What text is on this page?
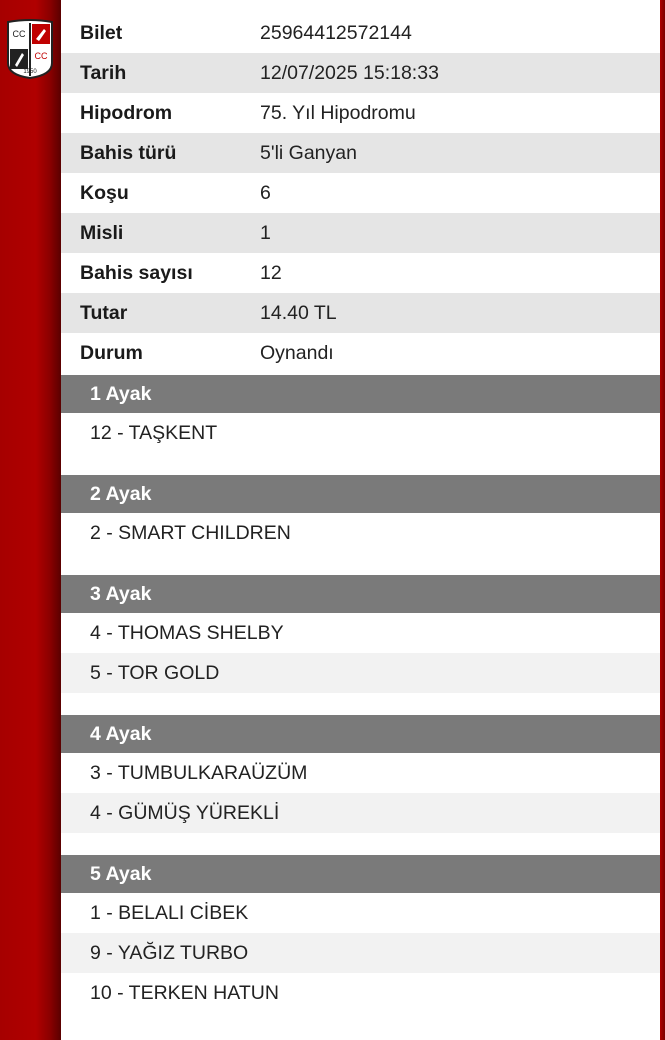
CC
CC
1950
Bilet	25964412572144
Tarih	12/07/2025 15:18:33
Hipodrom	75. Yıl Hipodromu
Bahis türü	5'li Ganyan
Koşu	6
Misli	1
Bahis sayısı	12
Tutar	14.40 TL
Durum	Oynandı
1 Ayak
12 - TAŞKENT
2 Ayak
2 - SMART CHILDREN
3 Ayak
4 - THOMAS SHELBY
5 - TOR GOLD
4 Ayak
3 - TUMBULKARAÜZÜM
4 - GÜMÜŞ YÜREKLİ
5 Ayak
1 - BELALI CİBEK
9 - YAĞIZ TURBO
10 - TERKEN HATUN
